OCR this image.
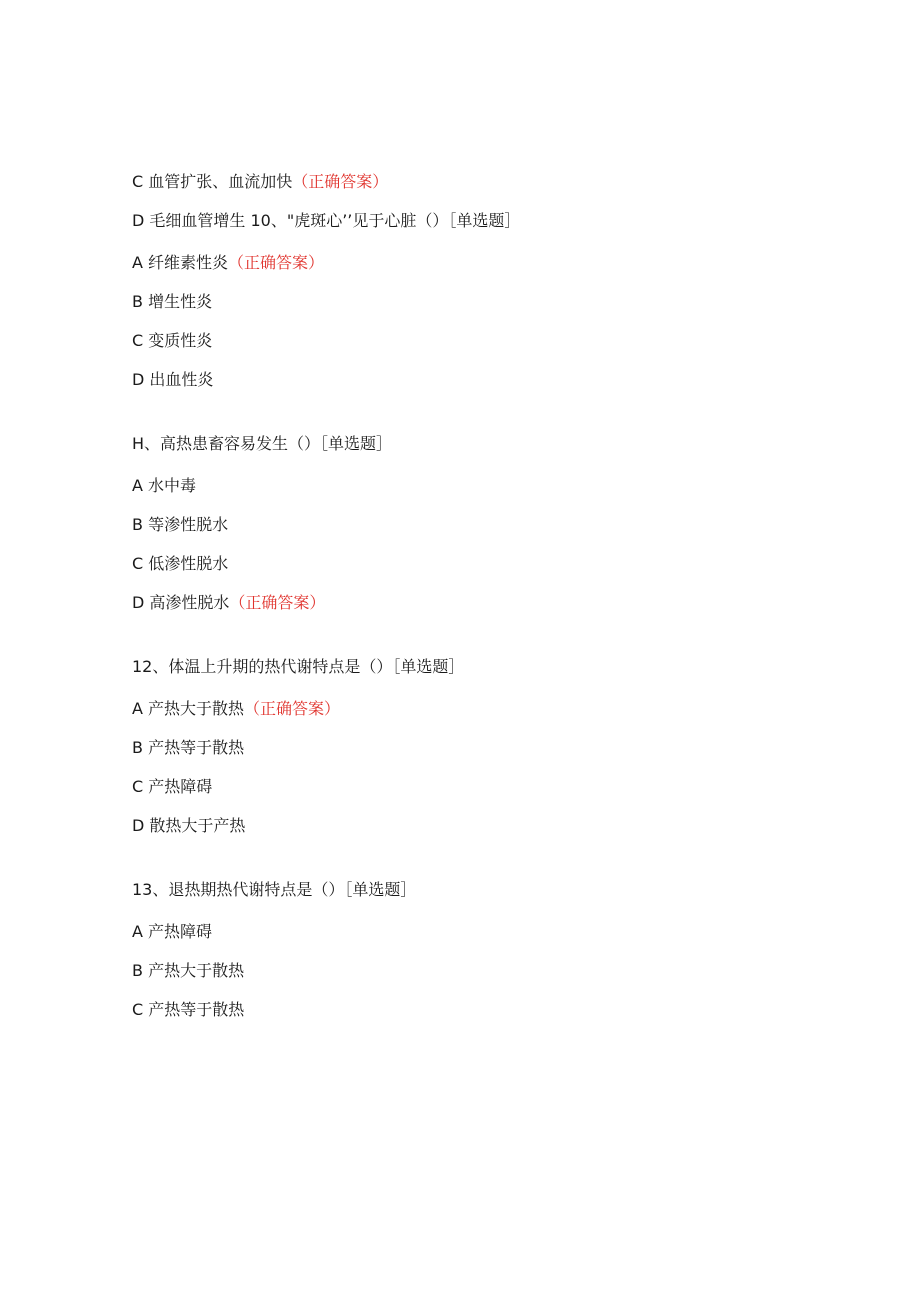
C 血管扩张、血流加快（正确答案）
D 毛细血管增生 10、"虎斑心’’见于心脏（）［单选题］
A 纤维素性炎（正确答案）
B 增生性炎
C 变质性炎
D 出血性炎
H、高热患畜容易发生（）［单选题］
A 水中毒
B 等渗性脱水
C 低渗性脱水
D 高渗性脱水（正确答案）
12、体温上升期的热代谢特点是（）［单选题］
A 产热大于散热（正确答案）
B 产热等于散热
C 产热障碍
D 散热大于产热
13、退热期热代谢特点是（）［单选题］
A 产热障碍
B 产热大于散热
C 产热等于散热
